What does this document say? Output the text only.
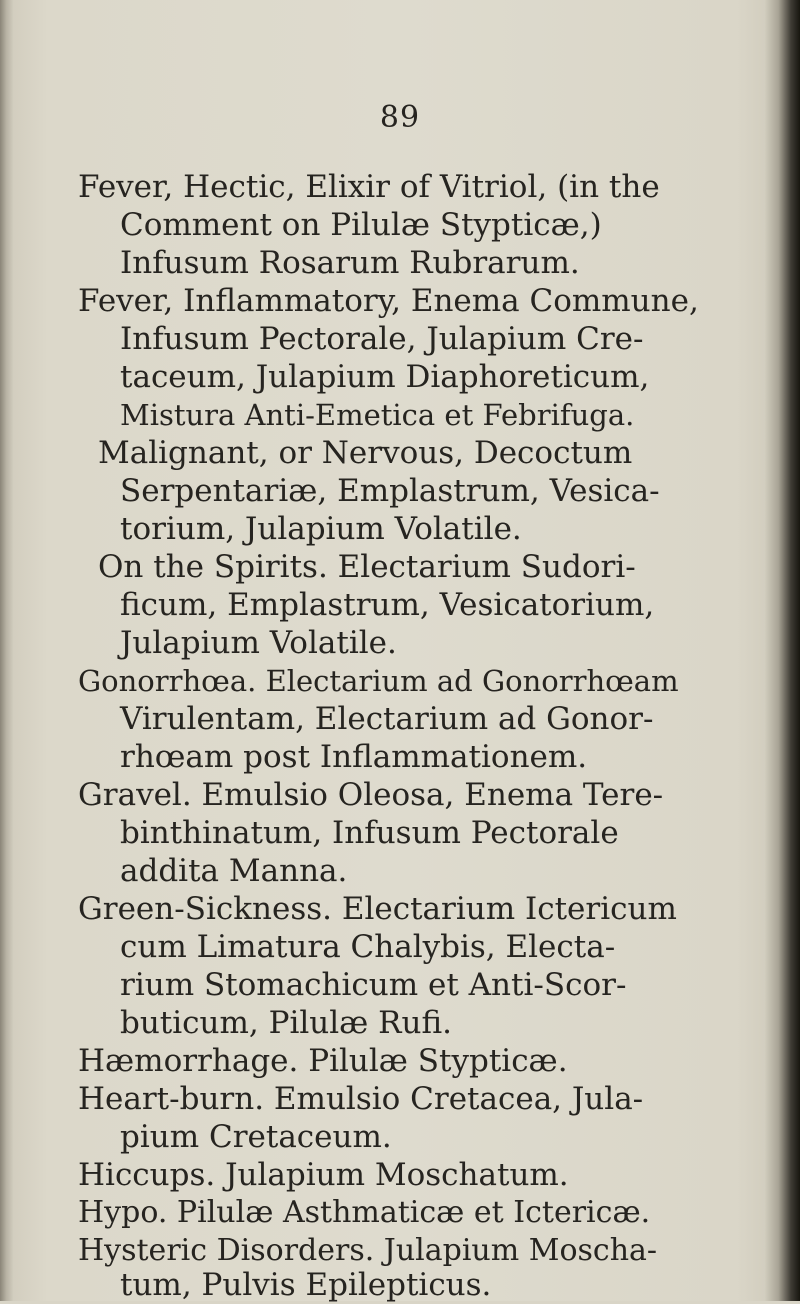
89
Fever, Hectic, Elixir of Vitriol, (in the
Comment on Pilulæ Stypticæ,)
Infusum Rosarum Rubrarum.
Fever, Inflammatory, Enema Commune,
Infusum Pectorale, Julapium Cre-
taceum, Julapium Diaphoreticum,
Mistura Anti-Emetica et Febrifuga.
Malignant, or Nervous, Decoctum
Serpentariæ, Emplastrum, Vesica-
torium, Julapium Volatile.
On the Spirits. Electarium Sudori-
ficum, Emplastrum, Vesicatorium,
Julapium Volatile.
Gonorrhœa. Electarium ad Gonorrhœam
Virulentam, Electarium ad Gonor-
rhœam post Inflammationem.
Gravel. Emulsio Oleosa, Enema Tere-
binthinatum, Infusum Pectorale
addita Manna.
Green-Sickness. Electarium Ictericum
cum Limatura Chalybis, Electa-
rium Stomachicum et Anti-Scor-
buticum, Pilulæ Rufi.
Hæmorrhage. Pilulæ Stypticæ.
Heart-burn. Emulsio Cretacea, Jula-
pium Cretaceum.
Hiccups. Julapium Moschatum.
Hypo. Pilulæ Asthmaticæ et Ictericæ.
Hysteric Disorders. Julapium Moscha-
tum, Pulvis Epilepticus.
